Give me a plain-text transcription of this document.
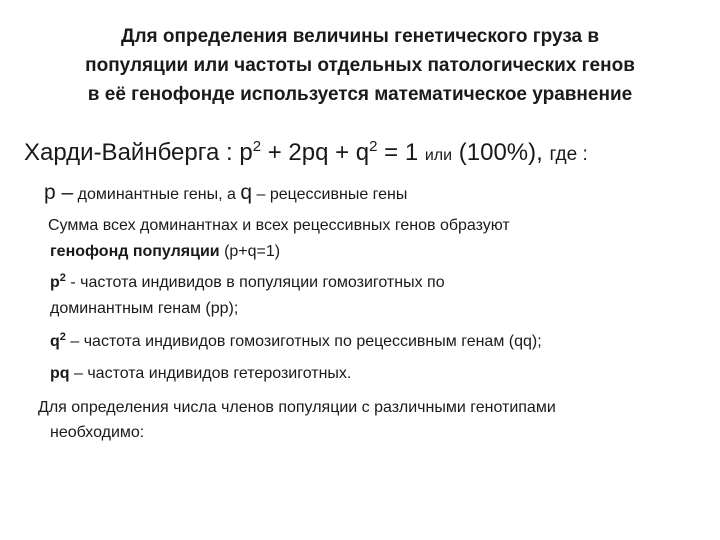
Для определения величины генетического груза в
популяции или частоты отдельных патологических генов
в её генофонде используется математическое уравнение
Харди-Вайнберга : $p^2 + 2pq + q^2 = 1$ или (100%), где :
p – доминантные гены, а q – рецессивные гены
Сумма всех доминантнах и всех рецессивных генов образуют
генофонд популяции (p+q=1)
$p^2$ - частота индивидов в популяции гомозиготных по
доминантным генам (pp);
$q^2$ – частота индивидов гомозиготных по рецессивным генам (qq);
pq – частота индивидов гетерозиготных.
Для определения числа членов популяции с различными генотипами
необходимо:
